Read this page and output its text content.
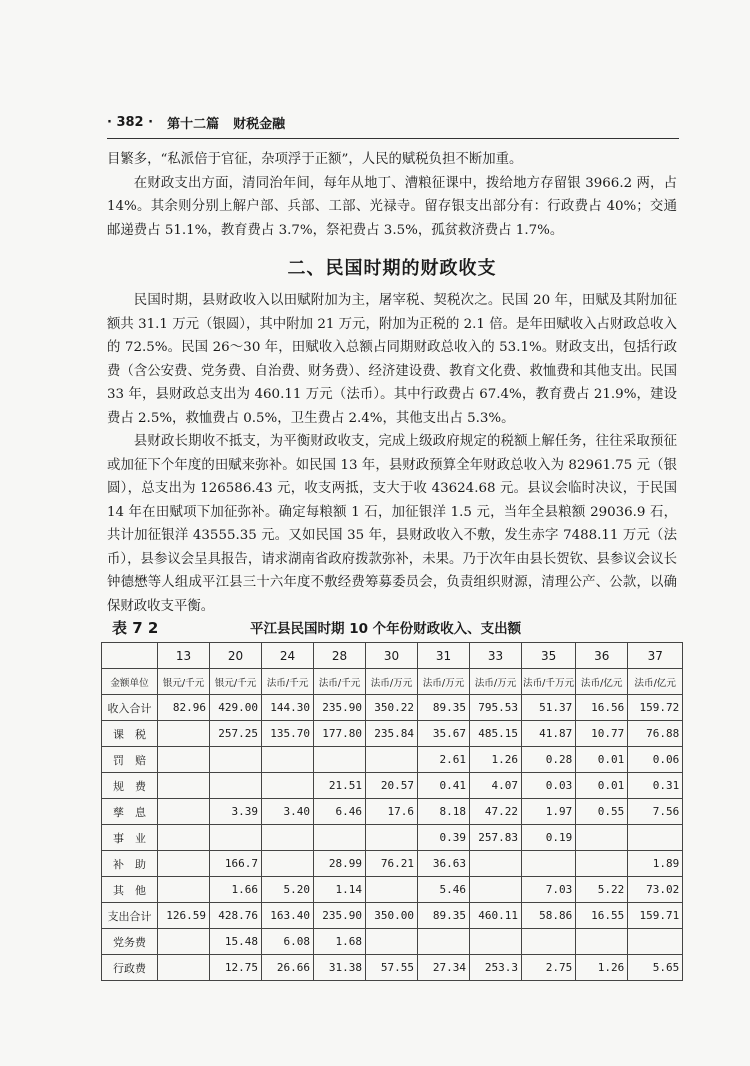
· 382 · 第十二篇 财税金融

目繁多，“私派倍于官征，杂项浮于正额”，人民的赋税负担不断加重。

在财政支出方面，清同治年间，每年从地丁、漕粮征课中，拨给地方存留银 3966.2 两，占 14%。其余则分别上解户部、兵部、工部、光禄寺。留存银支出部分有：行政费占 40%；交通邮递费占 51.1%，教育费占 3.7%，祭祀费占 3.5%，孤贫救济费占 1.7%。

二、民国时期的财政收支

民国时期，县财政收入以田赋附加为主，屠宰税、契税次之。民国 20 年，田赋及其附加征额共 31.1 万元（银圆），其中附加 21 万元，附加为正税的 2.1 倍。是年田赋收入占财政总收入的 72.5%。民国 26～30 年，田赋收入总额占同期财政总收入的 53.1%。财政支出，包括行政费（含公安费、党务费、自治费、财务费）、经济建设费、教育文化费、救恤费和其他支出。民国 33 年，县财政总支出为 460.11 万元（法币）。其中行政费占 67.4%，教育费占 21.9%，建设费占 2.5%，救恤费占 0.5%，卫生费占 2.4%，其他支出占 5.3%。

县财政长期收不抵支，为平衡财政收支，完成上级政府规定的税额上解任务，往往采取预征或加征下个年度的田赋来弥补。如民国 13 年，县财政预算全年财政总收入为 82961.75 元（银圆），总支出为 126586.43 元，收支两抵，支大于收 43624.68 元。县议会临时决议，于民国 14 年在田赋项下加征弥补。确定每粮额 1 石，加征银洋 1.5 元，当年全县粮额 29036.9 石，共计加征银洋 43555.35 元。又如民国 35 年，县财政收入不敷，发生赤字 7488.11 万元（法币），县参议会呈具报告，请求湖南省政府拨款弥补，未果。乃于次年由县长贺钦、县参议会议长钟德懋等人组成平江县三十六年度不敷经费筹募委员会，负责组织财源，清理公产、公款，以确保财政收支平衡。

表 7 2	平江县民国时期 10 个年份财政收入、支出额
	13	20	24	28	30	31	33	35	36	37
金额单位	银元/千元	银元/千元	法币/千元	法币/千元	法币/万元	法币/万元	法币/万元	法币/千万元	法币/亿元	法币/亿元
收入合计	82.96	429.00	144.30	235.90	350.22	89.35	795.53	51.37	16.56	159.72
课　税		257.25	135.70	177.80	235.84	35.67	485.15	41.87	10.77	76.88
罚　赔						2.61	1.26	0.28	0.01	0.06
规　费				21.51	20.57	0.41	4.07	0.03	0.01	0.31
孳　息		3.39	3.40	6.46	17.6	8.18	47.22	1.97	0.55	7.56
事　业						0.39	257.83	0.19		
补　助		166.7		28.99	76.21	36.63				1.89
其　他		1.66	5.20	1.14		5.46		7.03	5.22	73.02
支出合计	126.59	428.76	163.40	235.90	350.00	89.35	460.11	58.86	16.55	159.71
党务费		15.48	6.08	1.68						
行政费		12.75	26.66	31.38	57.55	27.34	253.3	2.75	1.26	5.65
